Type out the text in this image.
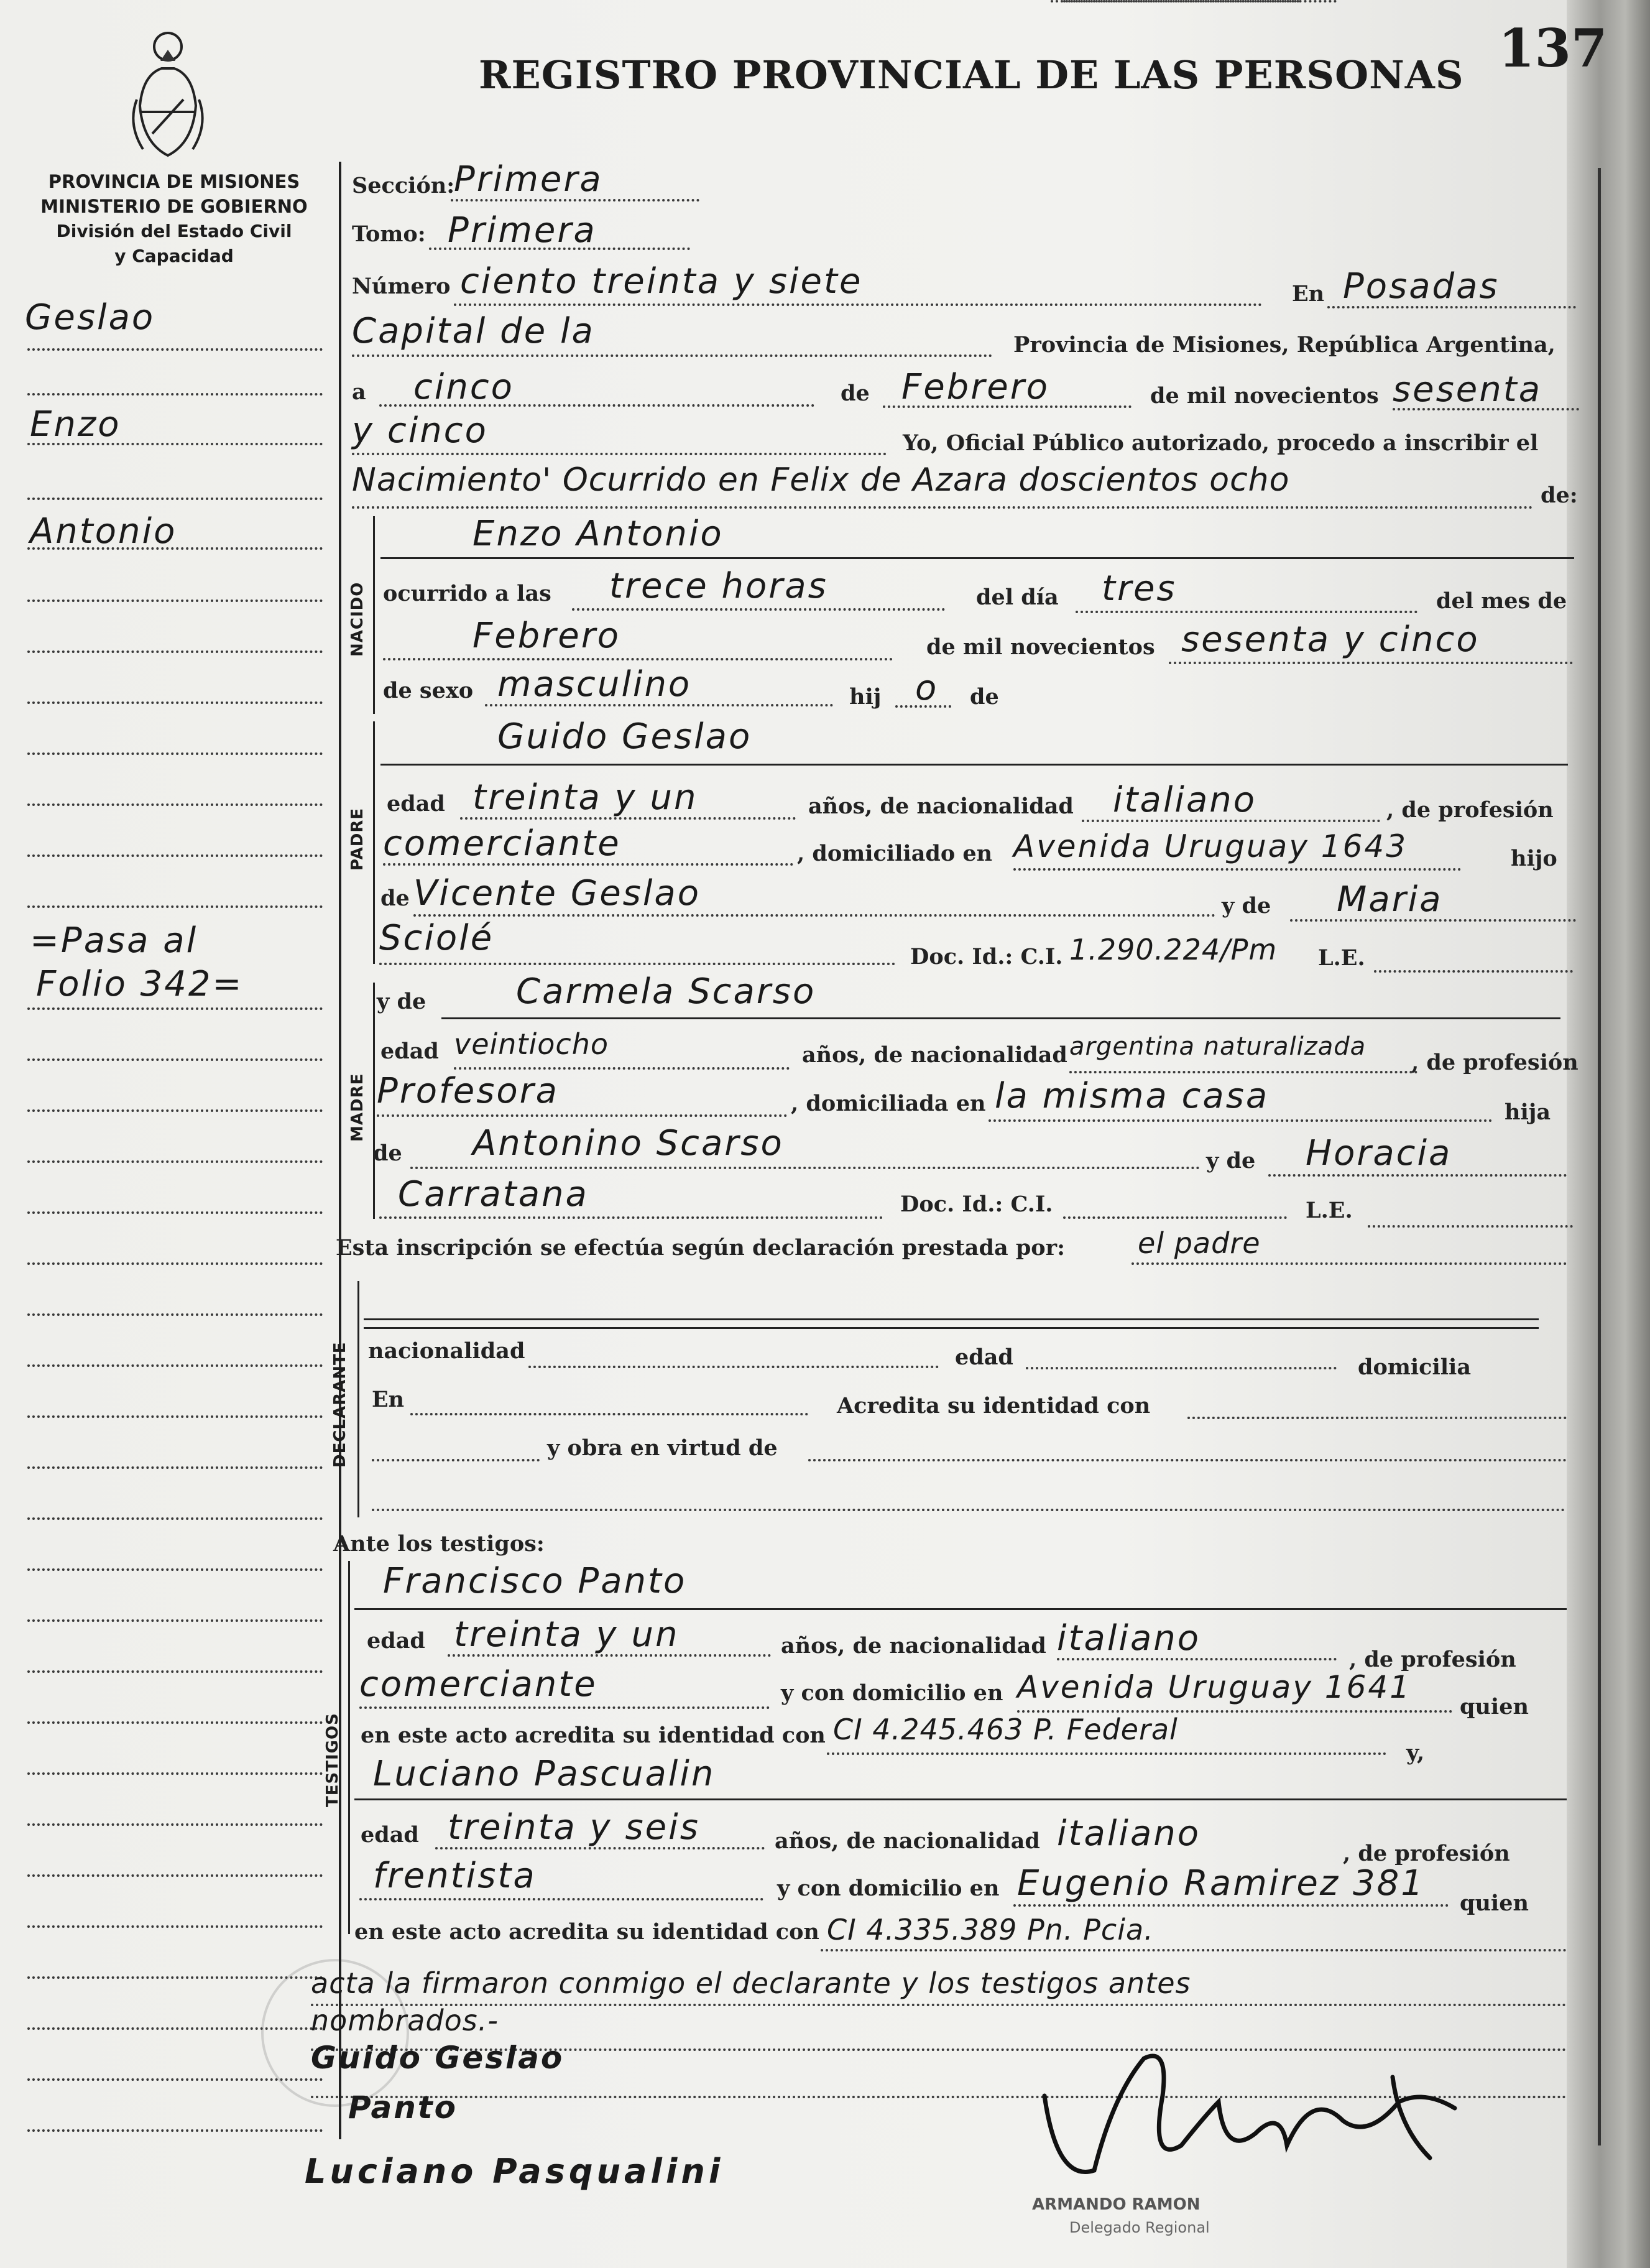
REGISTRO PROVINCIAL DE LAS PERSONAS 137
PROVINCIA DE MISIONES
MINISTERIO DE GOBIERNO
División del Estado Civil
y Capacidad
Geslao
Enzo
Antonio
=Pasa al
Folio 342=
Sección:
Primera
Tomo: Primera
Número ciento treinta y siete	En Posadas
Capital de la	Provincia de Misiones, República Argentina,
a cinco	de Febrero	de mil novecientos sesenta
y cinco	Yo, Oficial Público autorizado, procedo a inscribir el
Nacimiento' Ocurrido en Felix de Azara doscientos ocho	de:
NACIDO
Enzo Antonio
ocurrido a las trece horas	del día tres	del mes de
Febrero	de mil novecientos sesenta y cinco
de sexo masculino	hij o de
PADRE
Guido Geslao
edad treinta y un	años, de nacionalidad italiano	, de profesión
comerciante	, domiciliado en Avenida Uruguay 1643	hijo
de Vicente Geslao	y de Maria
Sciolé	Doc. Id.: C.I. 1.290.224/Pm L.E.
MADRE
y de	Carmela Scarso
edad veintiocho	años, de nacionalidad argentina naturalizada
, de profesión
Profesora	, domiciliada en la misma casa	hija
de Antonino Scarso	y de Horacia
Carratana	Doc. Id.: C.I.	L.E.
Esta inscripción se efectúa según declaración prestada por:	el padre
DECLARANTE nacionalidad	edad	domicilia
En	Acredita su identidad con
y obra en virtud de
Ante los testigos:
TESTIGOS
Francisco Panto
edad treinta y un	años, de nacionalidad italiano
, de profesión
comerciante	y con domicilio en Avenida Uruguay 1641
quien
en este acto acredita su identidad con CI 4.245.463 P. Federal
y,
Luciano Pascualin
edad treinta y seis	años, de nacionalidad italiano	, de profesión
frentista	y con domicilio en Eugenio Ramirez 381 quien
en este acto acredita su identidad con CI 4.335.389 Pn. Pcia.
acta la firmaron conmigo el declarante y los testigos antes
nombrados.-
Guido Geslao
Panto
Luciano Pasqualini
ARMANDO RAMON
Delegado Regional
